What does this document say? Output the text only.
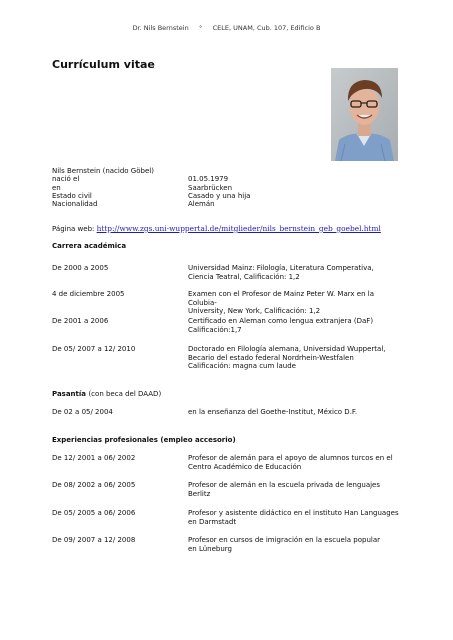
Dr. Nils Bernstein ° CELE, UNAM, Cub. 107, Edificio B
Currículum vitae
Nils Bernstein (nacido Göbel)
nació el	01.05.1979
en	Saarbrücken
Estado civil	Casado y una hija
Nacionalidad	Alemán
Página web: http://www.zgs.uni-wuppertal.de/mitglieder/nils_bernstein_geb_goebel.html
Carrera académica
De 2000 a 2005	Universidad Mainz: Filología, Literatura Comperativa,
Ciencia Teatral, Calificación: 1,2
4 de diciembre 2005	Examen con el Profesor de Mainz Peter W. Marx en la Colubia-
University, New York, Calificación: 1,2
De 2001 a 2006	Certificado en Aleman como lengua extranjera (DaF)
Calificación:1,7
De 05/ 2007 a 12/ 2010	Doctorado en Filología alemana, Universidad Wuppertal,
Becario del estado federal Nordrhein-Westfalen
Calificación: magna cum laude
Pasantía (con beca del DAAD)
De 02 a 05/ 2004	en la enseñanza del Goethe-Institut, México D.F.
Experiencias profesionales (empleo accesorio)
De 12/ 2001 a 06/ 2002	Profesor de alemán para el apoyo de alumnos turcos en el
Centro Académico de Educación
De 08/ 2002 a 06/ 2005	Profesor de alemán en la escuela privada de lenguajes
Berlitz
De 05/ 2005 a 06/ 2006	Profesor y asistente didáctico en el instituto Han Languages
en Darmstadt
De 09/ 2007 a 12/ 2008	Profesor en cursos de imigración en la escuela popular
en Lüneburg
